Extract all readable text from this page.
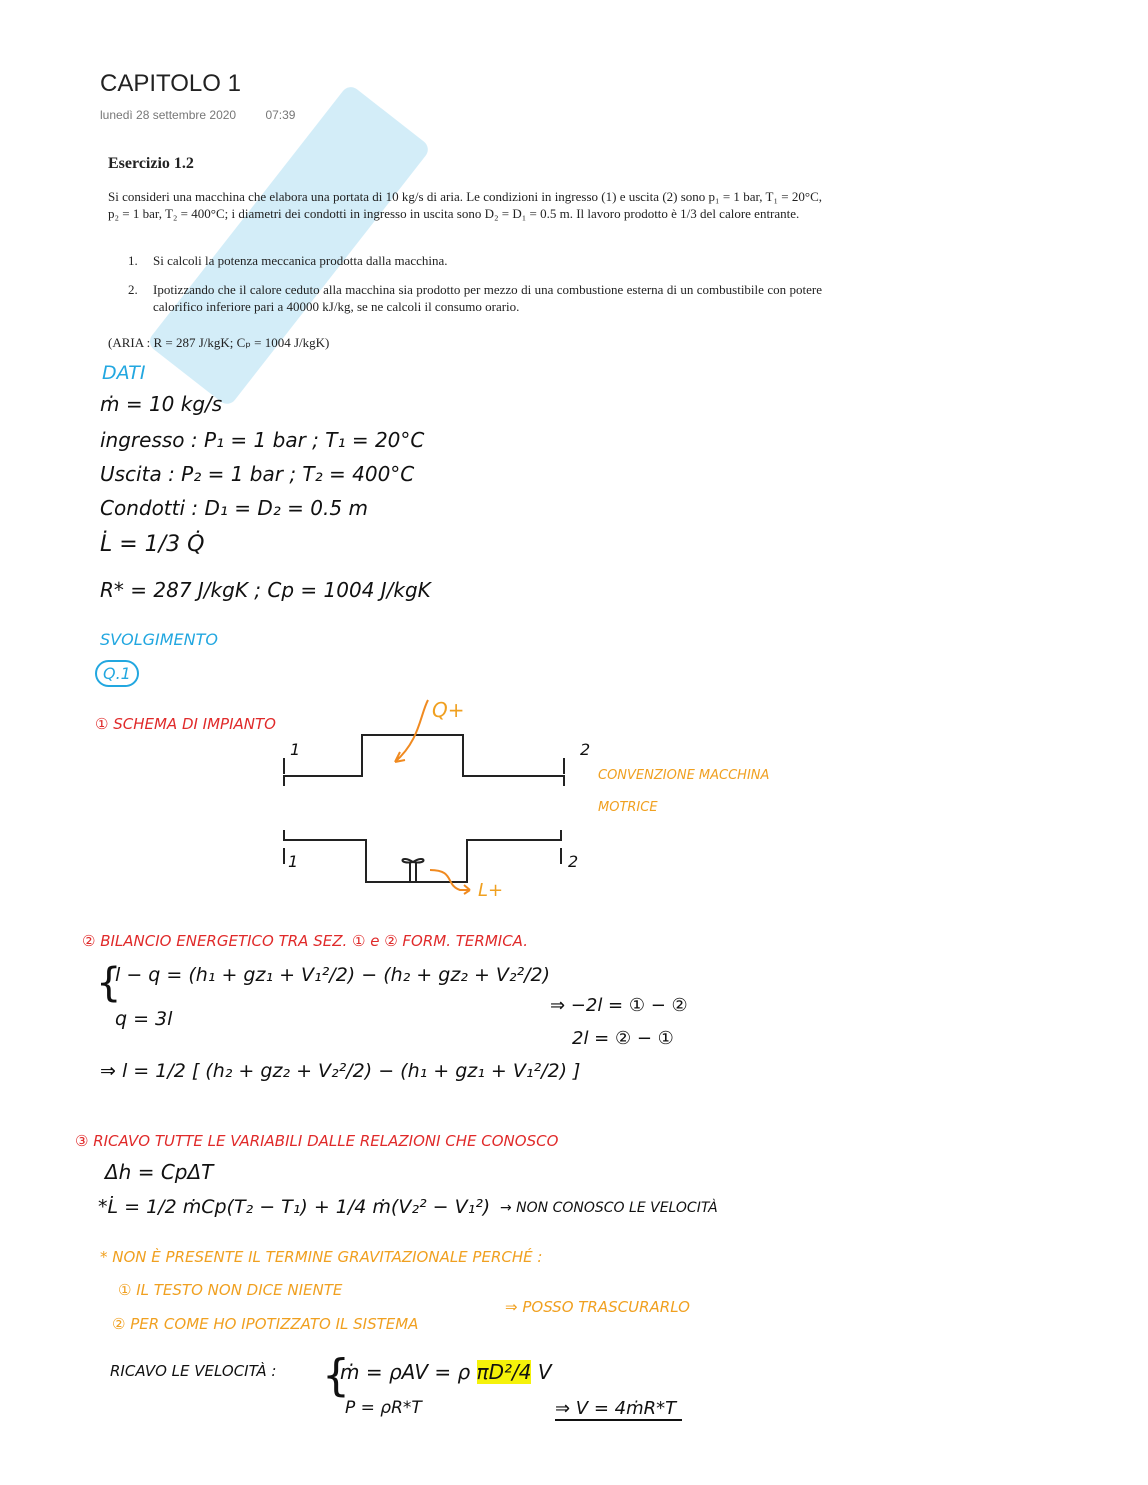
CAPITOLO 1
lunedì 28 settembre 2020 07:39
Esercizio 1.2
Si consideri una macchina che elabora una portata di 10 kg/s di aria. Le condizioni in ingresso (1) e uscita (2) sono p₁ = 1 bar, T₁ = 20°C, p₂ = 1 bar, T₂ = 400°C; i diametri dei condotti in ingresso in uscita sono D₂ = D₁ = 0.5 m. Il lavoro prodotto è 1/3 del calore entrante.
1. Si calcoli la potenza meccanica prodotta dalla macchina.
2. Ipotizzando che il calore ceduto alla macchina sia prodotto per mezzo di una combustione esterna di un combustibile con potere calorifico inferiore pari a 40000 kJ/kg, se ne calcoli il consumo orario.
(ARIA : R = 287 J/kgK; Cₚ = 1004 J/kgK)
DATI
ṁ = 10 kg/s
ingresso : P₁ = 1 bar ; T₁ = 20°C
Uscita : P₂ = 1 bar ; T₂ = 400°C
Condotti : D₁ = D₂ = 0.5 m
L̇ = 1/3 Q̇
R* = 287 J/kgK ; Cp = 1004 J/kgK
SVOLGIMENTO
Q.1
① SCHEMA DI IMPIANTO
Q+
L+
1
1
2
2
CONVENZIONE MACCHINA
MOTRICE
② BILANCIO ENERGETICO TRA SEZ. ① e ② FORM. TERMICA.
{
l − q = (h₁ + gz₁ + V₁²/2) − (h₂ + gz₂ + V₂²/2)
q = 3l
⇒ −2l = ① − ②
2l = ② − ①
⇒ l = 1/2 [ (h₂ + gz₂ + V₂²/2) − (h₁ + gz₁ + V₁²/2) ]
③ RICAVO TUTTE LE VARIABILI DALLE RELAZIONI CHE CONOSCO
Δh = CpΔT
*L̇ = 1/2 ṁCp(T₂ − T₁) + 1/4 ṁ(V₂² − V₁²) → NON CONOSCO LE VELOCITÀ
* NON È PRESENTE IL TERMINE GRAVITAZIONALE PERCHÉ :
① IL TESTO NON DICE NIENTE
② PER COME HO IPOTIZZATO IL SISTEMA
⇒ POSSO TRASCURARLO
RICAVO LE VELOCITÀ : {
ṁ = ρAV = ρ πD²/4 V
P = ρR*T	⇒ V = 4ṁR*T
